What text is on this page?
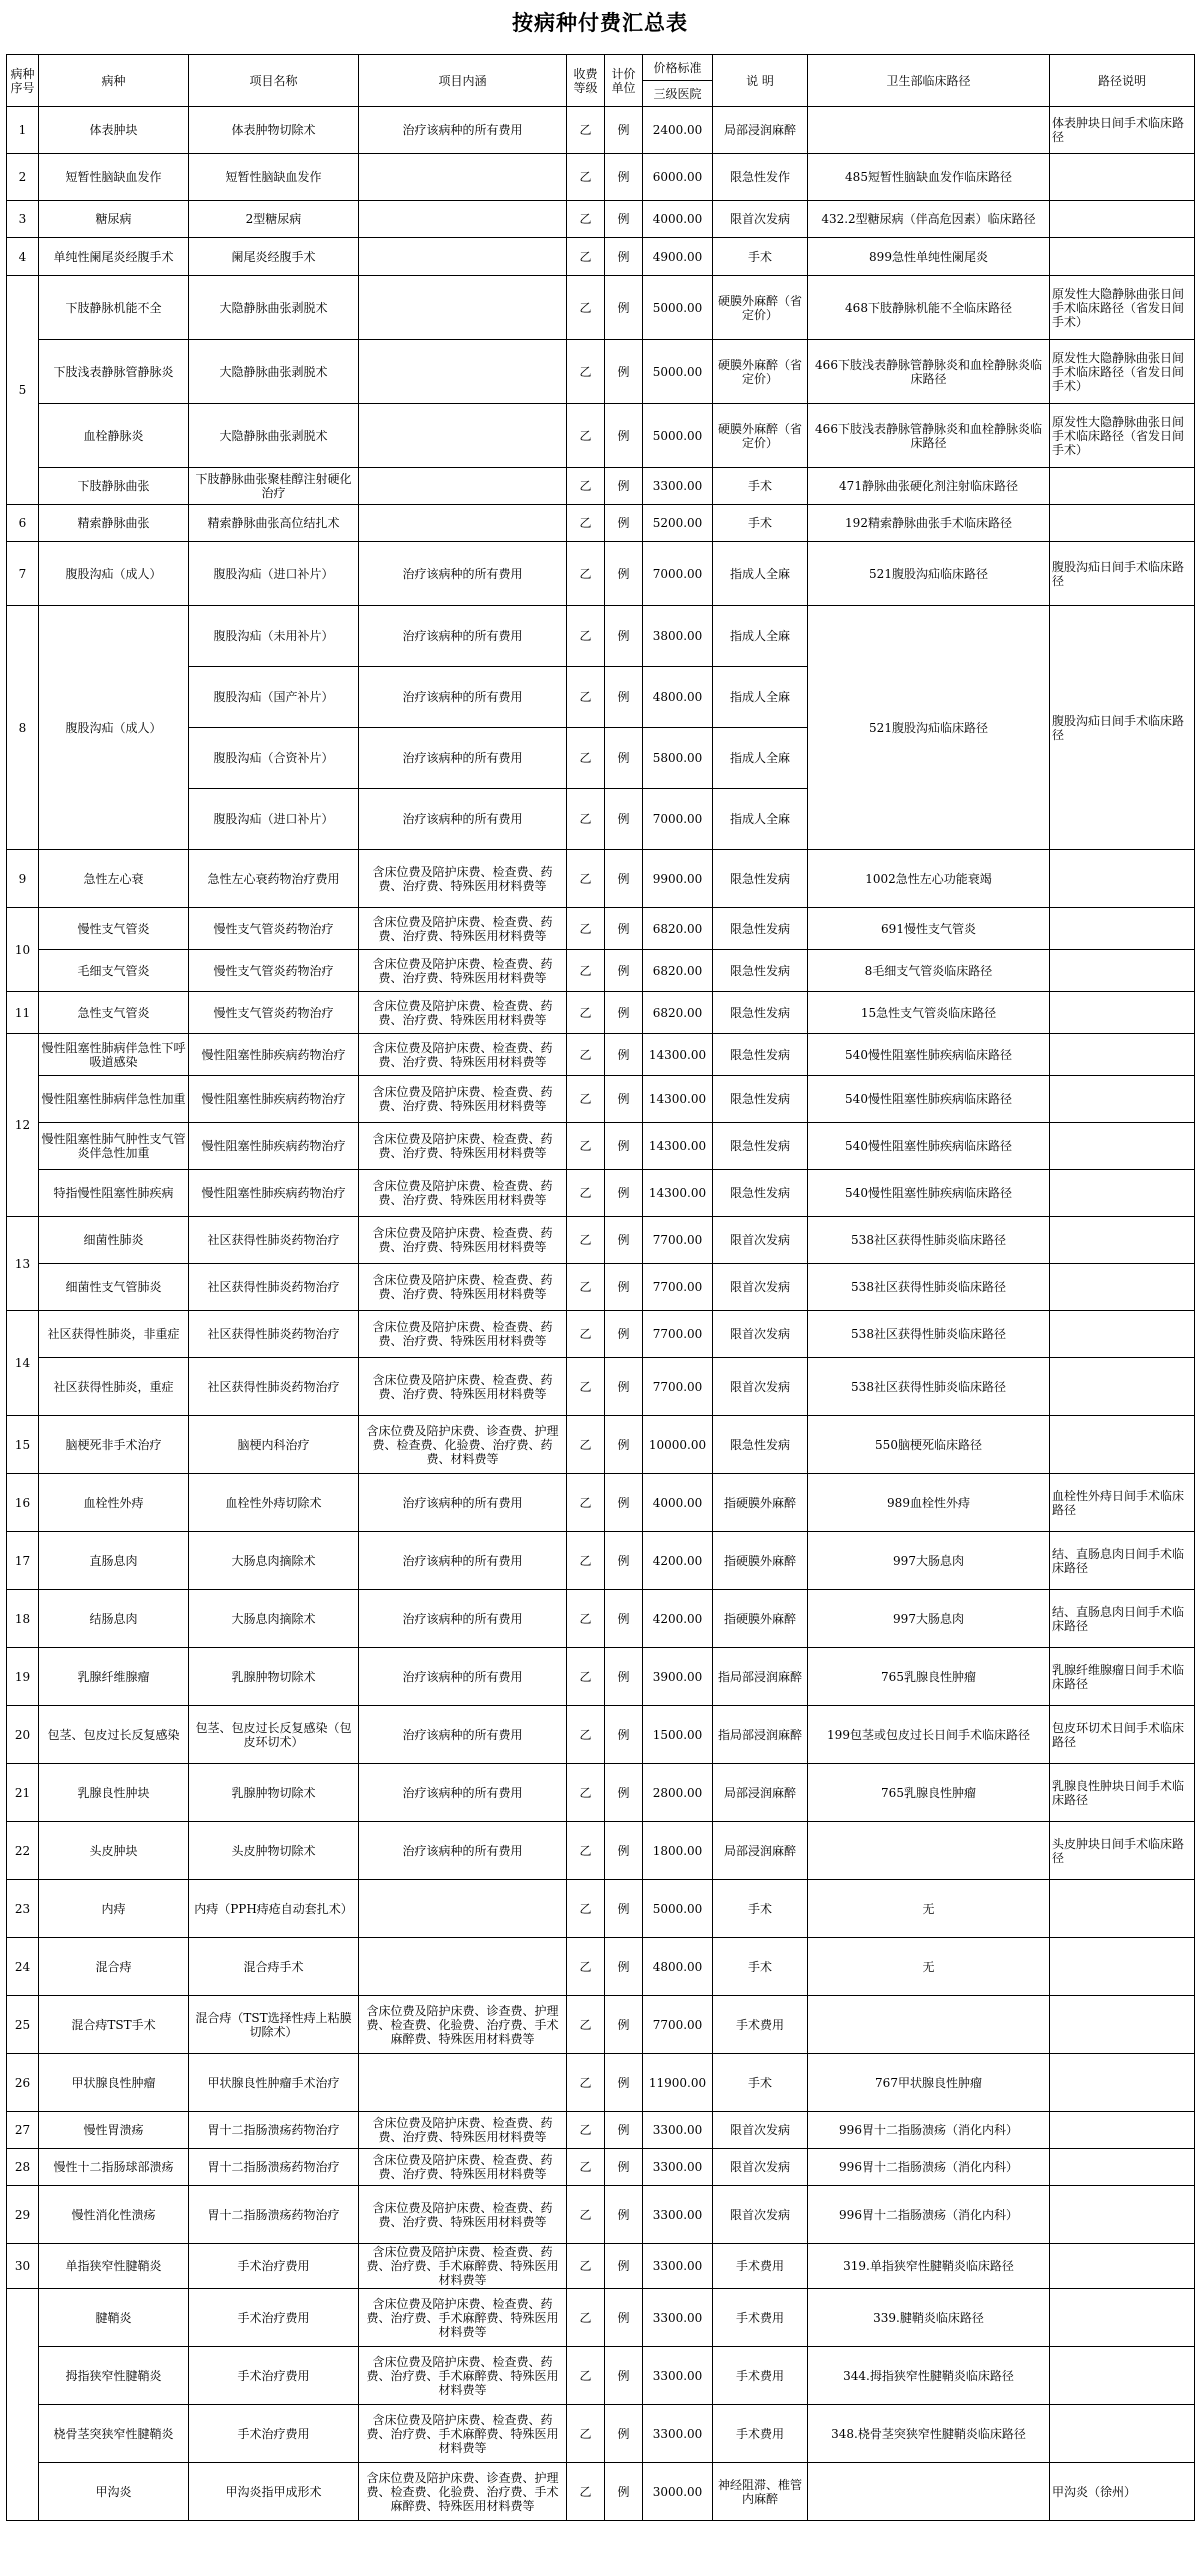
按病种付费汇总表
病种序号	病种	项目名称	项目内涵	收费等级	计价单位	价格标准	说 明	卫生部临床路径	路径说明
						三级医院			
1	体表肿块	体表肿物切除术	治疗该病种的所有费用	乙	例	2400.00	局部浸润麻醉		体表肿块日间手术临床路径
2	短暂性脑缺血发作	短暂性脑缺血发作		乙	例	6000.00	限急性发作	485短暂性脑缺血发作临床路径	
3	糖尿病	2型糖尿病		乙	例	4000.00	限首次发病	432.2型糖尿病（伴高危因素）临床路径	
4	单纯性阑尾炎经腹手术	阑尾炎经腹手术		乙	例	4900.00	手术	899急性单纯性阑尾炎	
5	下肢静脉机能不全	大隐静脉曲张剥脱术		乙	例	5000.00	硬膜外麻醉（省定价）	468下肢静脉机能不全临床路径	原发性大隐静脉曲张日间手术临床路径（省发日间手术）
	下肢浅表静脉管静脉炎	大隐静脉曲张剥脱术		乙	例	5000.00	硬膜外麻醉（省定价）	466下肢浅表静脉管静脉炎和血栓静脉炎临床路径	原发性大隐静脉曲张日间手术临床路径（省发日间手术）
	血栓静脉炎	大隐静脉曲张剥脱术		乙	例	5000.00	硬膜外麻醉（省定价）	466下肢浅表静脉管静脉炎和血栓静脉炎临床路径	原发性大隐静脉曲张日间手术临床路径（省发日间手术）
	下肢静脉曲张	下肢静脉曲张聚桂醇注射硬化治疗		乙	例	3300.00	手术	471静脉曲张硬化剂注射临床路径	
6	精索静脉曲张	精索静脉曲张高位结扎术		乙	例	5200.00	手术	192精索静脉曲张手术临床路径	
7	腹股沟疝（成人）	腹股沟疝（进口补片）	治疗该病种的所有费用	乙	例	7000.00	指成人全麻	521腹股沟疝临床路径	腹股沟疝日间手术临床路径
8	腹股沟疝（成人）	腹股沟疝（未用补片）	治疗该病种的所有费用	乙	例	3800.00	指成人全麻	521腹股沟疝临床路径	腹股沟疝日间手术临床路径
		腹股沟疝（国产补片）	治疗该病种的所有费用	乙	例	4800.00	指成人全麻		
		腹股沟疝（合资补片）	治疗该病种的所有费用	乙	例	5800.00	指成人全麻		
		腹股沟疝（进口补片）	治疗该病种的所有费用	乙	例	7000.00	指成人全麻		
9	急性左心衰	急性左心衰药物治疗费用	含床位费及陪护床费、检查费、药费、治疗费、特殊医用材料费等	乙	例	9900.00	限急性发病	1002急性左心功能衰竭	
10	慢性支气管炎	慢性支气管炎药物治疗	含床位费及陪护床费、检查费、药费、治疗费、特殊医用材料费等	乙	例	6820.00	限急性发病	691慢性支气管炎	
	毛细支气管炎	慢性支气管炎药物治疗	含床位费及陪护床费、检查费、药费、治疗费、特殊医用材料费等	乙	例	6820.00	限急性发病	8毛细支气管炎临床路径	
11	急性支气管炎	慢性支气管炎药物治疗	含床位费及陪护床费、检查费、药费、治疗费、特殊医用材料费等	乙	例	6820.00	限急性发病	15急性支气管炎临床路径	
12	慢性阻塞性肺病伴急性下呼吸道感染	慢性阻塞性肺疾病药物治疗	含床位费及陪护床费、检查费、药费、治疗费、特殊医用材料费等	乙	例	14300.00	限急性发病	540慢性阻塞性肺疾病临床路径	
	慢性阻塞性肺病伴急性加重	慢性阻塞性肺疾病药物治疗	含床位费及陪护床费、检查费、药费、治疗费、特殊医用材料费等	乙	例	14300.00	限急性发病	540慢性阻塞性肺疾病临床路径	
	慢性阻塞性肺气肿性支气管炎伴急性加重	慢性阻塞性肺疾病药物治疗	含床位费及陪护床费、检查费、药费、治疗费、特殊医用材料费等	乙	例	14300.00	限急性发病	540慢性阻塞性肺疾病临床路径	
	特指慢性阻塞性肺疾病	慢性阻塞性肺疾病药物治疗	含床位费及陪护床费、检查费、药费、治疗费、特殊医用材料费等	乙	例	14300.00	限急性发病	540慢性阻塞性肺疾病临床路径	
13	细菌性肺炎	社区获得性肺炎药物治疗	含床位费及陪护床费、检查费、药费、治疗费、特殊医用材料费等	乙	例	7700.00	限首次发病	538社区获得性肺炎临床路径	
	细菌性支气管肺炎	社区获得性肺炎药物治疗	含床位费及陪护床费、检查费、药费、治疗费、特殊医用材料费等	乙	例	7700.00	限首次发病	538社区获得性肺炎临床路径	
14	社区获得性肺炎，非重症	社区获得性肺炎药物治疗	含床位费及陪护床费、检查费、药费、治疗费、特殊医用材料费等	乙	例	7700.00	限首次发病	538社区获得性肺炎临床路径	
	社区获得性肺炎，重症	社区获得性肺炎药物治疗	含床位费及陪护床费、检查费、药费、治疗费、特殊医用材料费等	乙	例	7700.00	限首次发病	538社区获得性肺炎临床路径	
15	脑梗死非手术治疗	脑梗内科治疗	含床位费及陪护床费、诊查费、护理费、检查费、化验费、治疗费、药费、材料费等	乙	例	10000.00	限急性发病	550脑梗死临床路径	
16	血栓性外痔	血栓性外痔切除术	治疗该病种的所有费用	乙	例	4000.00	指硬膜外麻醉	989血栓性外痔	血栓性外痔日间手术临床路径
17	直肠息肉	大肠息肉摘除术	治疗该病种的所有费用	乙	例	4200.00	指硬膜外麻醉	997大肠息肉	结、直肠息肉日间手术临床路径
18	结肠息肉	大肠息肉摘除术	治疗该病种的所有费用	乙	例	4200.00	指硬膜外麻醉	997大肠息肉	结、直肠息肉日间手术临床路径
19	乳腺纤维腺瘤	乳腺肿物切除术	治疗该病种的所有费用	乙	例	3900.00	指局部浸润麻醉	765乳腺良性肿瘤	乳腺纤维腺瘤日间手术临床路径
20	包茎、包皮过长反复感染	包茎、包皮过长反复感染（包皮环切术）	治疗该病种的所有费用	乙	例	1500.00	指局部浸润麻醉	199包茎或包皮过长日间手术临床路径	包皮环切术日间手术临床路径
21	乳腺良性肿块	乳腺肿物切除术	治疗该病种的所有费用	乙	例	2800.00	局部浸润麻醉	765乳腺良性肿瘤	乳腺良性肿块日间手术临床路径
22	头皮肿块	头皮肿物切除术	治疗该病种的所有费用	乙	例	1800.00	局部浸润麻醉		头皮肿块日间手术临床路径
23	内痔	内痔（PPH痔疮自动套扎术）		乙	例	5000.00	手术	无	
24	混合痔	混合痔手术		乙	例	4800.00	手术	无	
25	混合痔TST手术	混合痔（TST选择性痔上粘膜切除术）	含床位费及陪护床费、诊查费、护理费、检查费、化验费、治疗费、手术麻醉费、特殊医用材料费等	乙	例	7700.00	手术费用		
26	甲状腺良性肿瘤	甲状腺良性肿瘤手术治疗		乙	例	11900.00	手术	767甲状腺良性肿瘤	
27	慢性胃溃疡	胃十二指肠溃疡药物治疗	含床位费及陪护床费、检查费、药费、治疗费、特殊医用材料费等	乙	例	3300.00	限首次发病	996胃十二指肠溃疡（消化内科）	
28	慢性十二指肠球部溃疡	胃十二指肠溃疡药物治疗	含床位费及陪护床费、检查费、药费、治疗费、特殊医用材料费等	乙	例	3300.00	限首次发病	996胃十二指肠溃疡（消化内科）	
29	慢性消化性溃疡	胃十二指肠溃疡药物治疗	含床位费及陪护床费、检查费、药费、治疗费、特殊医用材料费等	乙	例	3300.00	限首次发病	996胃十二指肠溃疡（消化内科）	
30	单指狭窄性腱鞘炎	手术治疗费用	含床位费及陪护床费、检查费、药费、治疗费、手术麻醉费、特殊医用材料费等	乙	例	3300.00	手术费用	319.单指狭窄性腱鞘炎临床路径	
	腱鞘炎	手术治疗费用	含床位费及陪护床费、检查费、药费、治疗费、手术麻醉费、特殊医用材料费等	乙	例	3300.00	手术费用	339.腱鞘炎临床路径	
	拇指狭窄性腱鞘炎	手术治疗费用	含床位费及陪护床费、检查费、药费、治疗费、手术麻醉费、特殊医用材料费等	乙	例	3300.00	手术费用	344.拇指狭窄性腱鞘炎临床路径	
	桡骨茎突狭窄性腱鞘炎	手术治疗费用	含床位费及陪护床费、检查费、药费、治疗费、手术麻醉费、特殊医用材料费等	乙	例	3300.00	手术费用	348.桡骨茎突狭窄性腱鞘炎临床路径	
	甲沟炎	甲沟炎指甲成形术	含床位费及陪护床费、诊查费、护理费、检查费、化验费、治疗费、手术麻醉费、特殊医用材料费等	乙	例	3000.00	神经阻滞、椎管内麻醉		甲沟炎（徐州）
